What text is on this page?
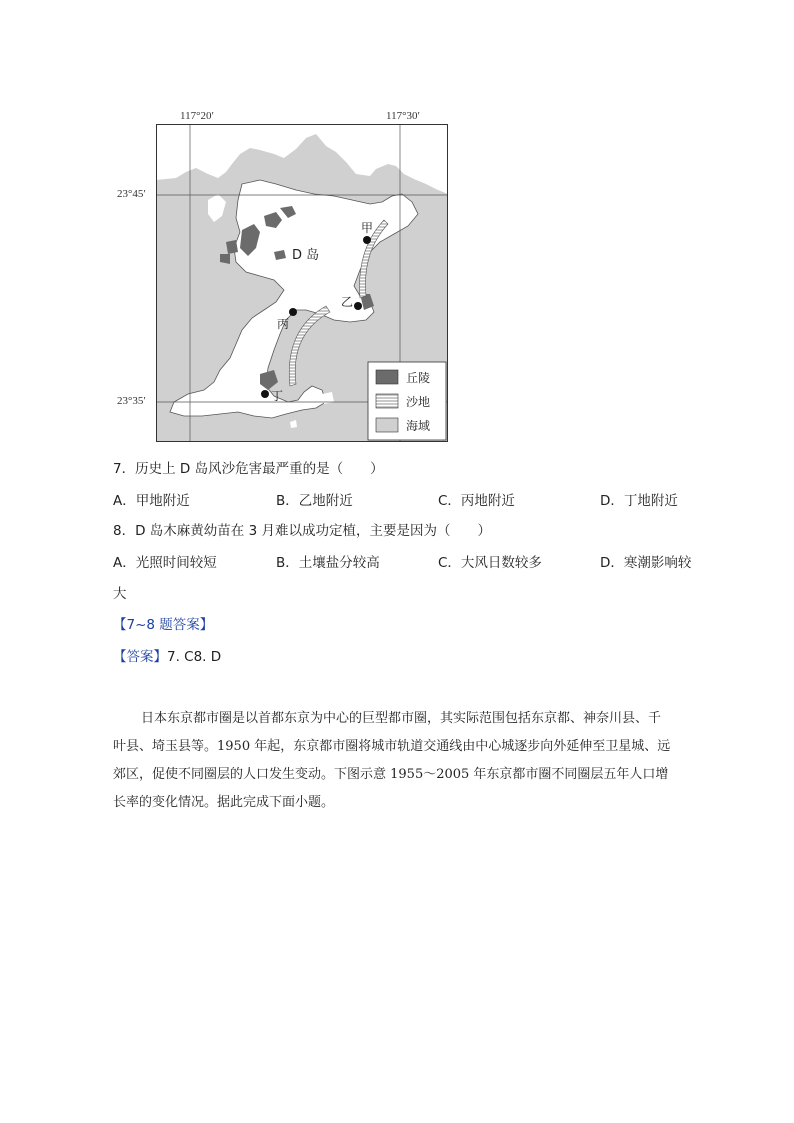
117°20′	117°30′
23°45′
23°35′
D 岛
甲
乙
丙
丁
丘陵
沙地
海域
7．历史上 D 岛风沙危害最严重的是（　　）
A．甲地附近	B．乙地附近	C．丙地附近	D．丁地附近
8．D 岛木麻黄幼苗在 3 月难以成功定植，主要是因为（　　）
A．光照时间较短	B．土壤盐分较高	C．大风日数较多	D．寒潮影响较
大
【7~8 题答案】
【答案】7. C8. D
日本东京都市圈是以首都东京为中心的巨型都市圈，其实际范围包括东京都、神奈川县、千
叶县、埼玉县等。1950 年起，东京都市圈将城市轨道交通线由中心城逐步向外延伸至卫星城、远
郊区，促使不同圈层的人口发生变动。下图示意 1955～2005 年东京都市圈不同圈层五年人口增
长率的变化情况。据此完成下面小题。
